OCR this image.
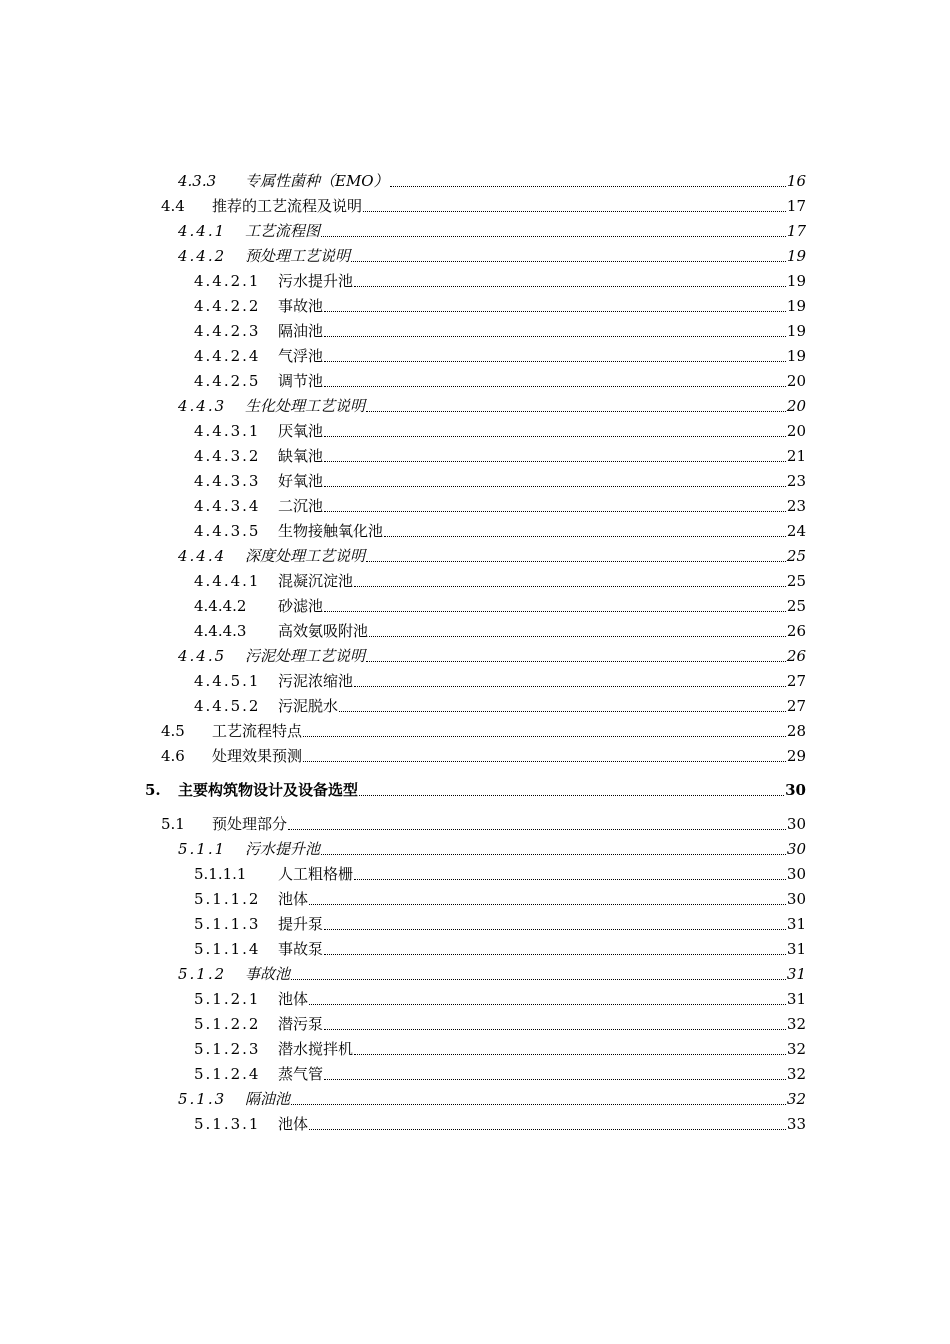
4.3.3 专属性菌种（EMO）	16
4.4 推荐的工艺流程及说明	17
4.4.1 工艺流程图	17
4.4.2 预处理工艺说明	19
4.4.2.1 污水提升池	19
4.4.2.2 事故池	19
4.4.2.3 隔油池	19
4.4.2.4 气浮池	19
4.4.2.5 调节池	20
4.4.3 生化处理工艺说明	20
4.4.3.1 厌氧池	20
4.4.3.2 缺氧池	21
4.4.3.3 好氧池	23
4.4.3.4 二沉池	23
4.4.3.5 生物接触氧化池	24
4.4.4 深度处理工艺说明	25
4.4.4.1 混凝沉淀池	25
4.4.4.2 砂滤池	25
4.4.4.3 高效氨吸附池	26
4.4.5 污泥处理工艺说明	26
4.4.5.1 污泥浓缩池	27
4.4.5.2 污泥脱水	27
4.5 工艺流程特点	28
4.6 处理效果预测	29
5. 主要构筑物设计及设备选型	30
5.1 预处理部分	30
5.1.1 污水提升池	30
5.1.1.1 人工粗格栅	30
5.1.1.2 池体	30
5.1.1.3 提升泵	31
5.1.1.4 事故泵	31
5.1.2 事故池	31
5.1.2.1 池体	31
5.1.2.2 潜污泵	32
5.1.2.3 潜水搅拌机	32
5.1.2.4 蒸气管	32
5.1.3 隔油池	32
5.1.3.1 池体	33
